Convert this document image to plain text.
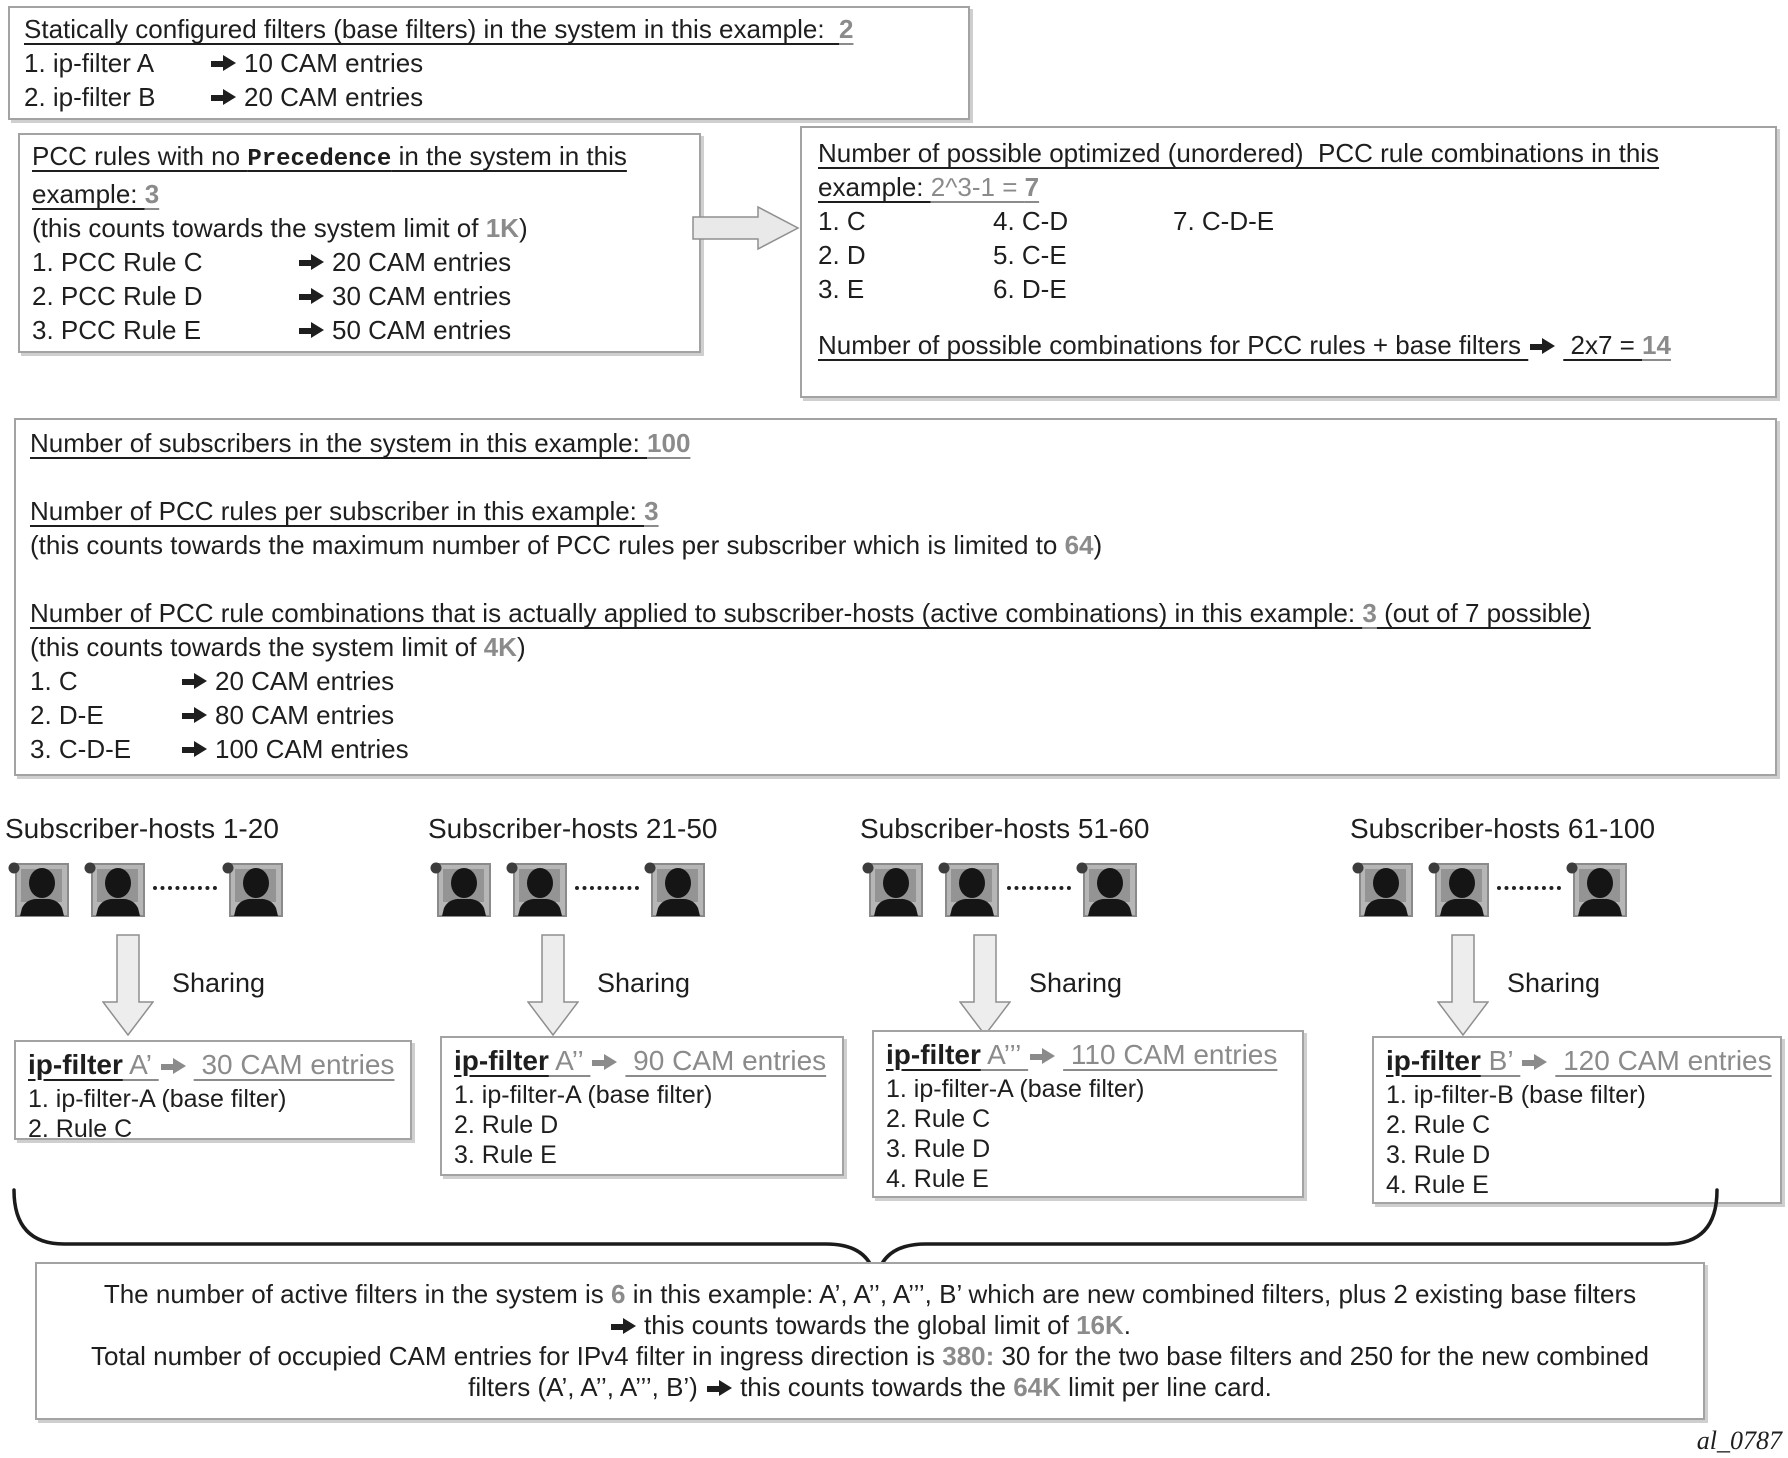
Statically configured filters (base filters) in the system in this example:  2
1. ip-filter A	10 CAM entries
2. ip-filter B	20 CAM entries
PCC rules with no Precedence in the system in this example: 3
(this counts towards the system limit of 1K)
1. PCC Rule C	20 CAM entries
2. PCC Rule D	30 CAM entries
3. PCC Rule E	50 CAM entries
Number of possible optimized (unordered)  PCC rule combinations in this example: 2^3-1 = 7
1. C
2. D
3. E
4. C-D
5. C-E
6. D-E
7. C-D-E
Number of possible combinations for PCC rules + base filters  2x7 = 14
Number of subscribers in the system in this example: 100
Number of PCC rules per subscriber in this example: 3
(this counts towards the maximum number of PCC rules per subscriber which is limited to 64)
Number of PCC rule combinations that is actually applied to subscriber-hosts (active combinations) in this example: 3 (out of 7 possible)
(this counts towards the system limit of 4K)
1. C	20 CAM entries
2. D-E	80 CAM entries
3. C-D-E	100 CAM entries
Subscriber-hosts 1-20	Subscriber-hosts 21-50	Subscriber-hosts 51-60	Subscriber-hosts 61-100
Sharing	Sharing	Sharing	Sharing
ip-filter A’  30 CAM entries
1. ip-filter-A (base filter)
2. Rule C
ip-filter A’’  90 CAM entries
1. ip-filter-A (base filter)
2. Rule D
3. Rule E
ip-filter A’’’  110 CAM entries
1. ip-filter-A (base filter)
2. Rule C
3. Rule D
4. Rule E
ip-filter B’  120 CAM entries
1. ip-filter-B (base filter)
2. Rule C
3. Rule D
4. Rule E
The number of active filters in the system is 6 in this example: A’, A’’, A’’’, B’ which are new combined filters, plus 2 existing base filters
this counts towards the global limit of 16K.
Total number of occupied CAM entries for IPv4 filter in ingress direction is 380: 30 for the two base filters and 250 for the new combined
filters (A’, A’’, A’’’, B’) this counts towards the 64K limit per line card.
al_0787
